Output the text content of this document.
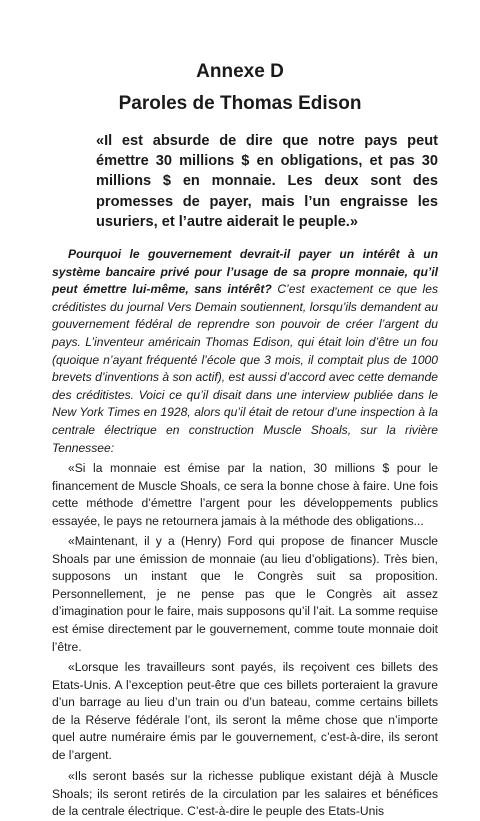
Annexe D
Paroles de Thomas Edison

«Il est absurde de dire que notre pays peut émettre 30 millions $ en obligations, et pas 30 millions $ en monnaie. Les deux sont des promesses de payer, mais l’un engraisse les usuriers, et l’autre aiderait le peuple.»

Pourquoi le gouvernement devrait-il payer un intérêt à un système bancaire privé pour l’usage de sa propre monnaie, qu’il peut émettre lui-même, sans intérêt? C’est exactement ce que les créditistes du journal Vers Demain soutiennent, lorsqu’ils demandent au gouvernement fédéral de reprendre son pouvoir de créer l’argent du pays. L’inventeur américain Thomas Edison, qui était loin d’être un fou (quoique n’ayant fréquenté l’école que 3 mois, il comptait plus de 1000 brevets d’inventions à son actif), est aussi d’accord avec cette demande des créditistes. Voici ce qu’il disait dans une interview publiée dans le New York Times en 1928, alors qu’il était de retour d’une inspection à la centrale électrique en construction Muscle Shoals, sur la rivière Tennessee:

«Si la monnaie est émise par la nation, 30 millions $ pour le financement de Muscle Shoals, ce sera la bonne chose à faire. Une fois cette méthode d’émettre l’argent pour les développements publics essayée, le pays ne retournera jamais à la méthode des obligations...

«Maintenant, il y a (Henry) Ford qui propose de financer Muscle Shoals par une émission de monnaie (au lieu d’obligations). Très bien, supposons un instant que le Congrès suit sa proposition. Personnellement, je ne pense pas que le Congrès ait assez d’imagination pour le faire, mais supposons qu’il l’ait. La somme requise est émise directement par le gouvernement, comme toute monnaie doit l’être.

«Lorsque les travailleurs sont payés, ils reçoivent ces billets des Etats-Unis. A l’exception peut-être que ces billets porteraient la gravure d’un barrage au lieu d’un train ou d’un bateau, comme certains billets de la Réserve fédérale l’ont, ils seront la même chose que n’importe quel autre numéraire émis par le gouvernement, c’est-à-dire, ils seront de l’argent.

«Ils seront basés sur la richesse publique existant déjà à Muscle Shoals; ils seront retirés de la circulation par les salaires et bénéfices de la centrale électrique. C’est-à-dire le peuple des Etats-Unis
